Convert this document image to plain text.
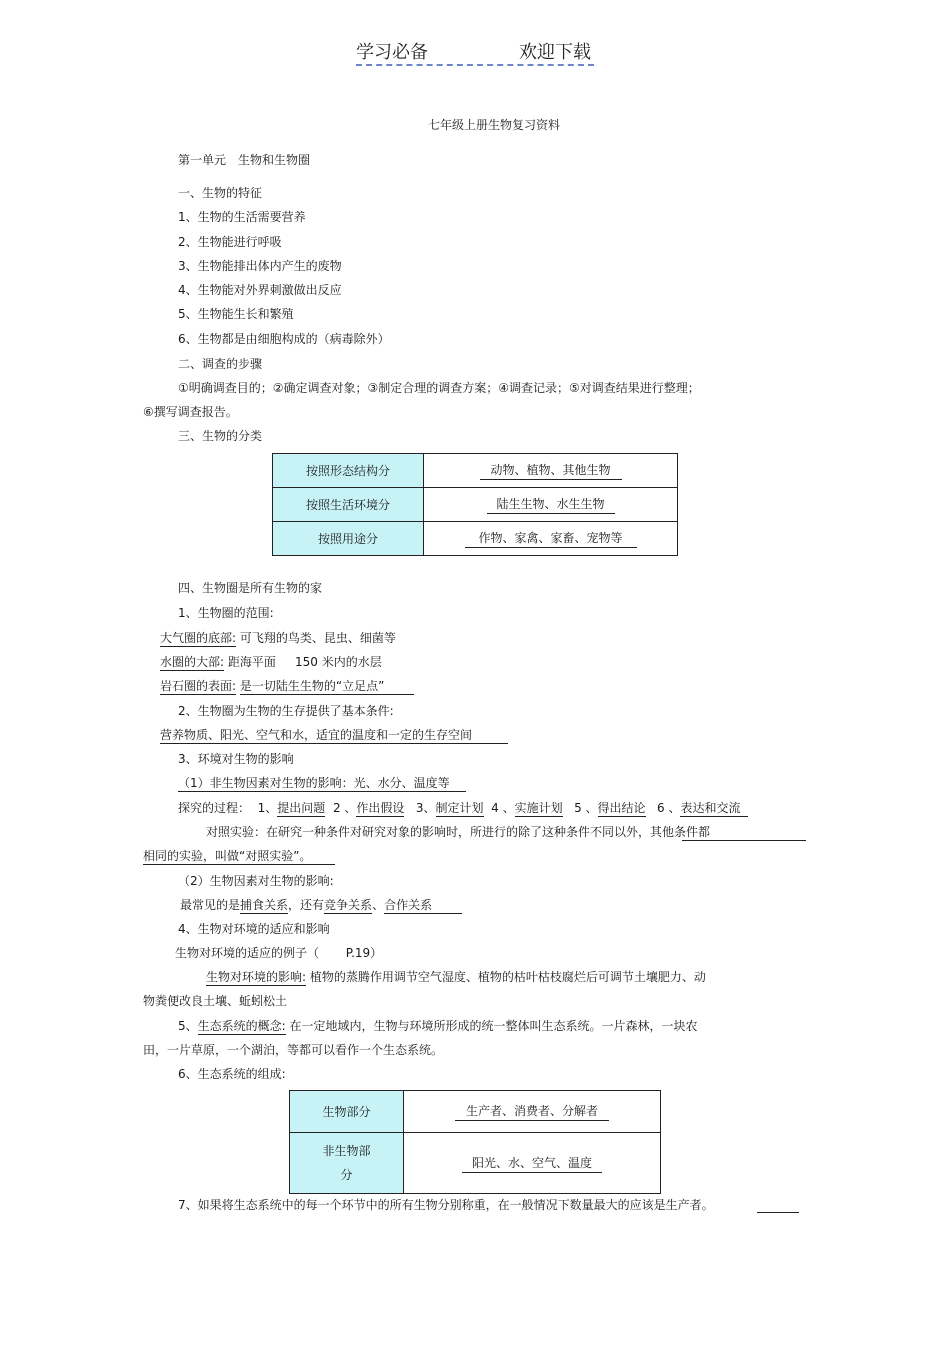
学习必备	欢迎下载
七年级上册生物复习资料
第一单元　生物和生物圈
一、生物的特征
1、生物的生活需要营养
2、生物能进行呼吸
3、生物能排出体内产生的废物
4、生物能对外界刺激做出反应
5、生物能生长和繁殖
6、生物都是由细胞构成的（病毒除外）
二、调查的步骤
①明确调查目的；②确定调查对象；③制定合理的调查方案；④调查记录；⑤对调查结果进行整理；
⑥撰写调查报告。
三、生物的分类
按照形态结构分	动物、植物、其他生物
按照生活环境分	陆生生物、水生生物
按照用途分	作物、家禽、家畜、宠物等
四、生物圈是所有生物的家
1、生物圈的范围:
大气圈的底部: 可飞翔的鸟类、昆虫、细菌等
水圈的大部: 距海平面 150 米内的水层
岩石圈的表面: 是一切陆生生物的“立足点”
2、生物圈为生物的生存提供了基本条件:
营养物质、阳光、空气和水，适宜的温度和一定的生存空间
3、环境对生物的影响
（1）非生物因素对生物的影响：光、水分、温度等
探究的过程： 1、提出问题 2 、作出假设 3、制定计划 4 、实施计划 5 、得出结论 6 、表达和交流
对照实验：在研究一种条件对研究对象的影响时，所进行的除了这种条件不同以外，其他条件都
相同的实验，叫做“对照实验”。
（2）生物因素对生物的影响:
最常见的是捕食关系，还有竞争关系、合作关系
4、生物对环境的适应和影响
生物对环境的适应的例子（ P.19）
生物对环境的影响: 植物的蒸腾作用调节空气湿度、植物的枯叶枯枝腐烂后可调节土壤肥力、动
物粪便改良土壤、蚯蚓松土
5、生态系统的概念: 在一定地域内，生物与环境所形成的统一整体叫生态系统。一片森林，一块农
田，一片草原，一个湖泊，等都可以看作一个生态系统。
6、生态系统的组成:
生物部分	生产者、消费者、分解者

非生物部
分	阳光、水、空气、温度
7、如果将生态系统中的每一个环节中的所有生物分别称重，在一般情况下数量最大的应该是生产者。
